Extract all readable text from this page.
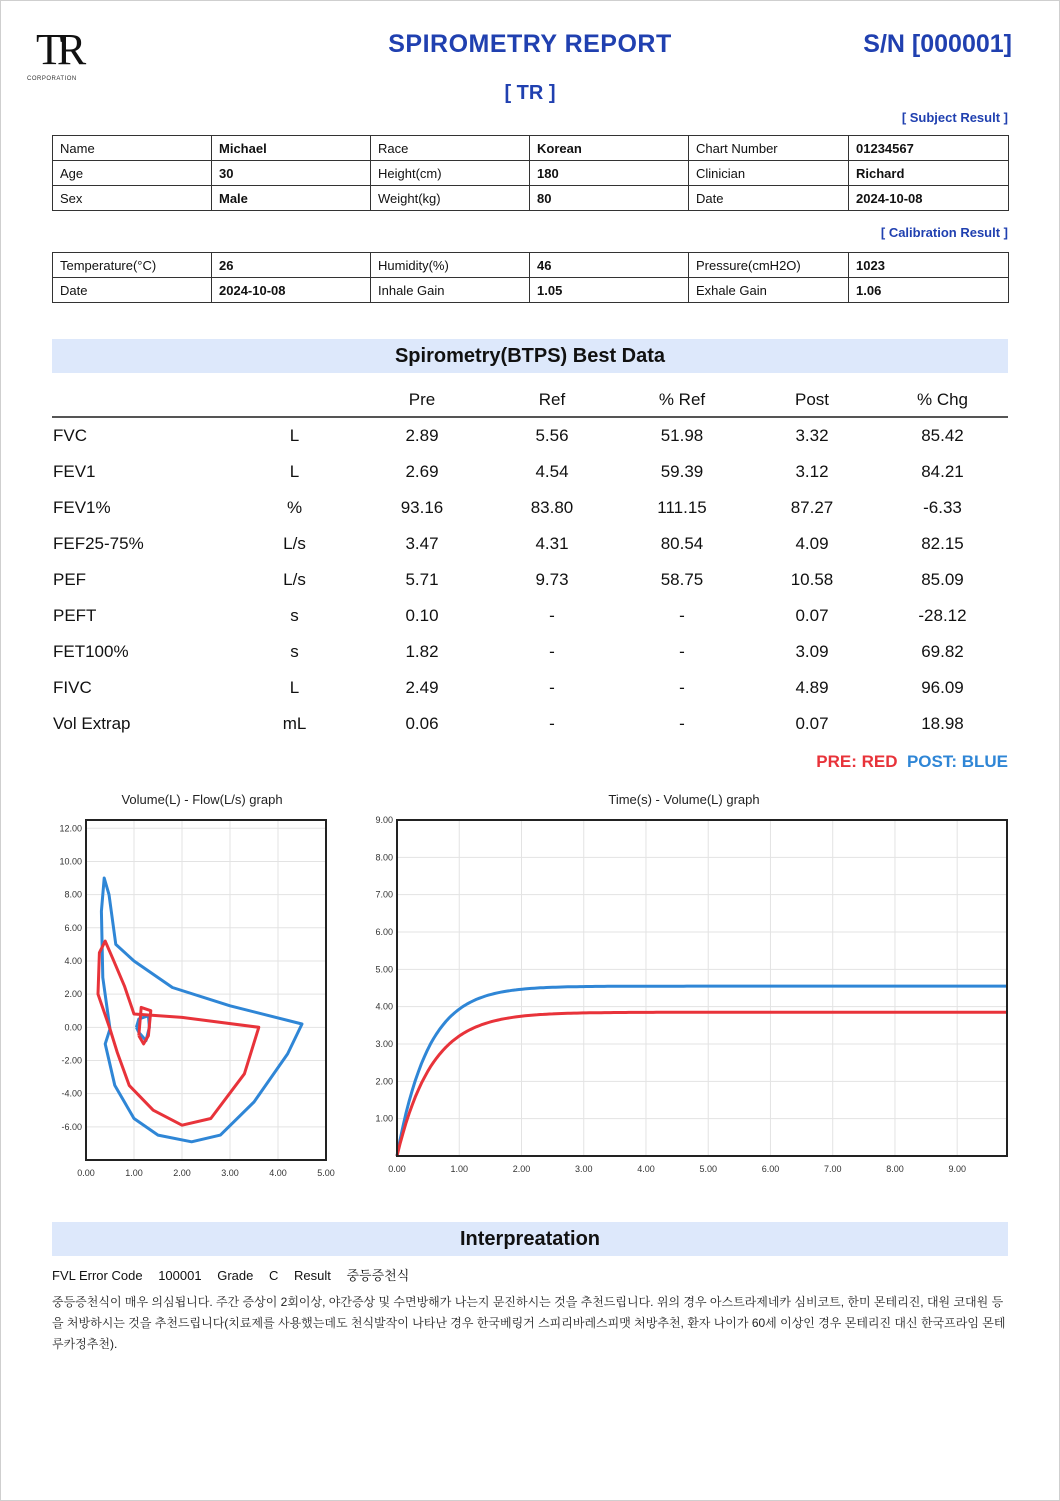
TR
CORPORATION
SPIROMETRY REPORT
[ TR ]
S/N [000001]
[ Subject Result ]
Name	Michael	Race	Korean	Chart Number	01234567
Age	30	Height(cm)	180	Clinician	Richard
Sex	Male	Weight(kg)	80	Date	2024-10-08
[ Calibration Result ]
Temperature(°C)	26	Humidity(%)	46	Pressure(cmH2O)	1023
Date	2024-10-08	Inhale Gain	1.05	Exhale Gain	1.06
Spirometry(BTPS) Best Data
		Pre	Ref	% Ref	Post	% Chg
FVC	L	2.89	5.56	51.98	3.32	85.42
FEV1	L	2.69	4.54	59.39	3.12	84.21
FEV1%	%	93.16	83.80	111.15	87.27	-6.33
FEF25-75%	L/s	3.47	4.31	80.54	4.09	82.15
PEF	L/s	5.71	9.73	58.75	10.58	85.09
PEFT	s	0.10	-	-	0.07	-28.12
FET100%	s	1.82	-	-	3.09	69.82
FIVC	L	2.49	-	-	4.89	96.09
Vol Extrap	mL	0.06	-	-	0.07	18.98
PRE: RED POST: BLUE
Volume(L) - Flow(L/s) graph	Time(s) - Volume(L) graph
0.00	1.00	2.00	3.00	4.00	5.00
12.00
10.00
8.00
6.00
4.00
2.00
0.00
-2.00
-4.00
-6.00
0.00	1.00	2.00	3.00	4.00	5.00	6.00	7.00	8.00	9.00
9.00
8.00
7.00
6.00
5.00
4.00
3.00
2.00
1.00
Interpreatation
FVL Error Code 100001 Grade C Result 중등증천식
중등증천식이 매우 의심됩니다. 주간 증상이 2회이상, 야간증상 및 수면방해가 나는지 문진하시는 것을 추천드립니다. 위의 경우 아스트라제네카 심비코트, 한미 몬테리진, 대원 코대원 등을 처방하시는 것을 추천드립니다(치료제를 사용했는데도 천식발작이 나타난 경우 한국베링거 스피리바레스피맷 처방추천, 환자 나이가 60세 이상인 경우 몬테리진 대신 한국프라임 몬테루카정추천).
